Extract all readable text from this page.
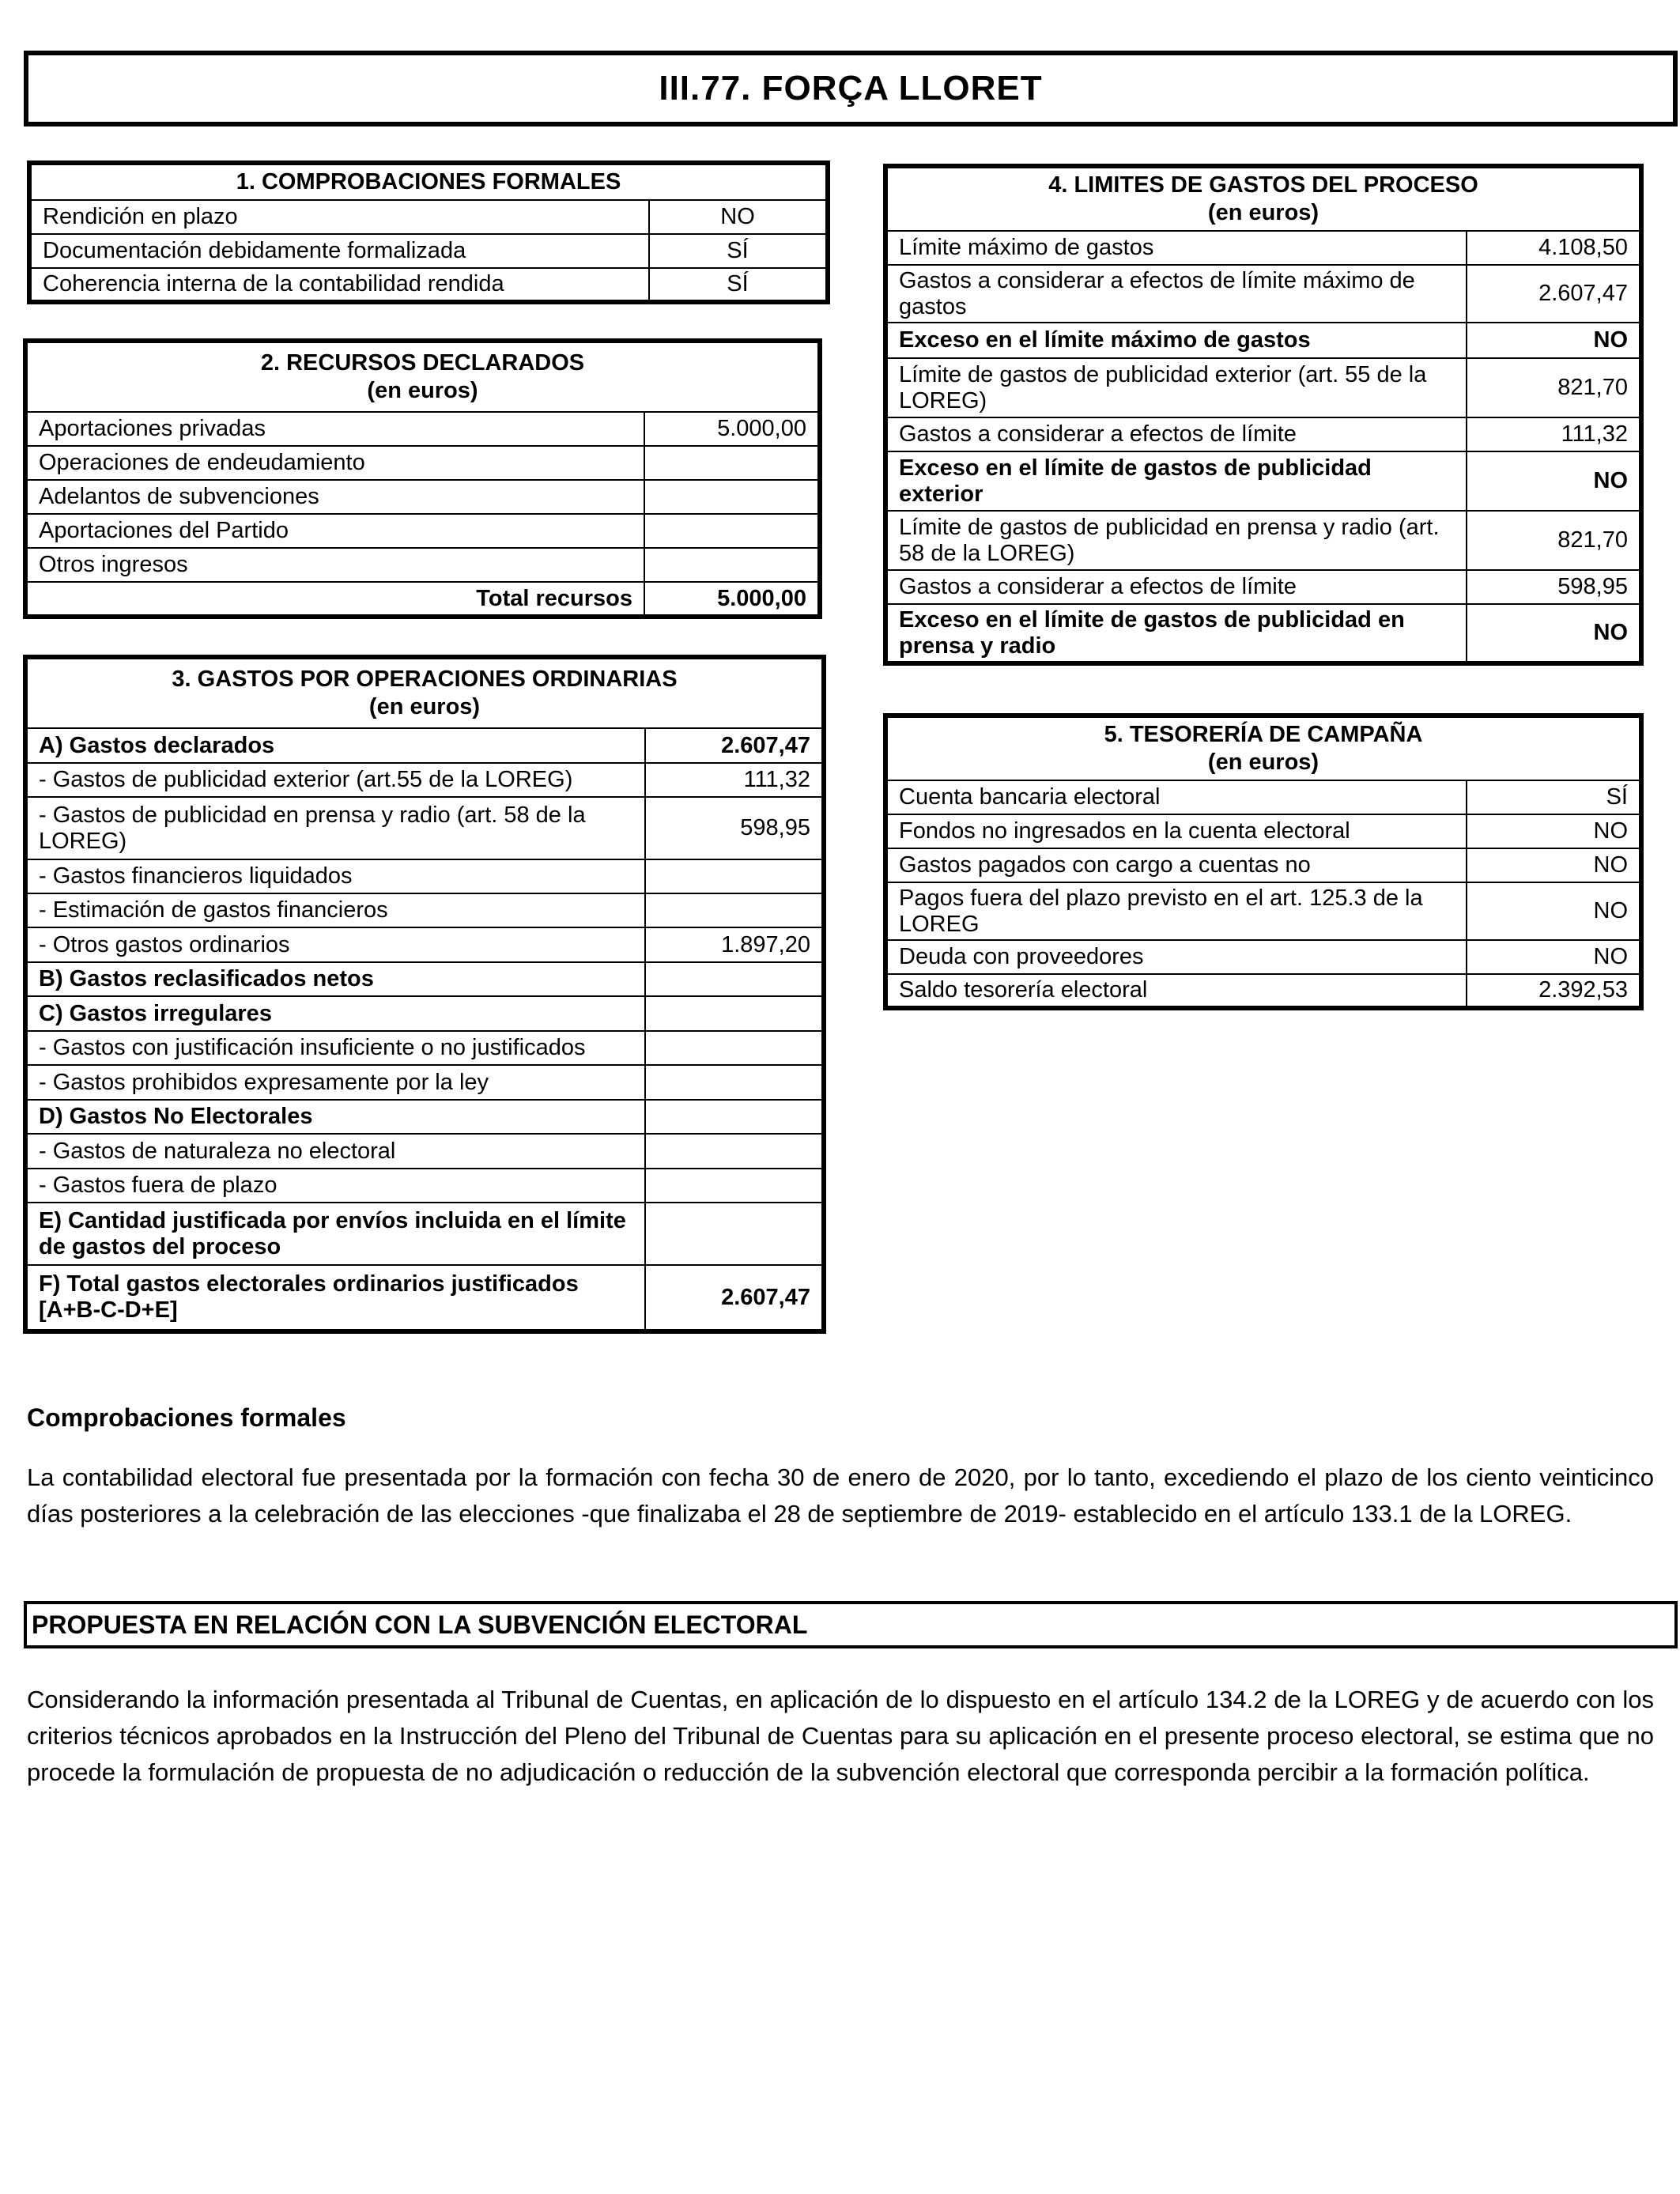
III.77. FORÇA LLORET
1. COMPROBACIONES FORMALES	
Rendición en plazo	NO
Documentación debidamente formalizada	SÍ
Coherencia interna de la contabilidad rendida	SÍ
2. RECURSOS DECLARADOS
(en euros)	
Aportaciones privadas	5.000,00
Operaciones de endeudamiento	
Adelantos de subvenciones	
Aportaciones del Partido	
Otros ingresos	
Total recursos	5.000,00
3. GASTOS POR OPERACIONES ORDINARIAS
(en euros)	
A) Gastos declarados	2.607,47
- Gastos de publicidad exterior (art.55 de la LOREG)	111,32
- Gastos de publicidad en prensa y radio (art. 58 de la LOREG)	598,95
- Gastos financieros liquidados	
- Estimación de gastos financieros	
- Otros gastos ordinarios	1.897,20
B) Gastos reclasificados netos	
C) Gastos irregulares	
- Gastos con justificación insuficiente o no justificados	
- Gastos prohibidos expresamente por la ley	
D) Gastos No Electorales	
- Gastos de naturaleza no electoral	
- Gastos fuera de plazo	
E) Cantidad justificada por envíos incluida en el límite de gastos del proceso	
F) Total gastos electorales ordinarios justificados [A+B-C-D+E]	2.607,47
4. LIMITES DE GASTOS DEL PROCESO
(en euros)	
Límite máximo de gastos	4.108,50
Gastos a considerar a efectos de límite máximo de gastos	2.607,47
Exceso en el límite máximo de gastos	NO
Límite de gastos de publicidad exterior (art. 55 de la LOREG)	821,70
Gastos a considerar a efectos de límite	111,32
Exceso en el límite de gastos de publicidad exterior	NO
Límite de gastos de publicidad en prensa y radio (art. 58 de la LOREG)	821,70
Gastos a considerar a efectos de límite	598,95
Exceso en el límite de gastos de publicidad en prensa y radio	NO
5. TESORERÍA DE CAMPAÑA
(en euros)	
Cuenta bancaria electoral	SÍ
Fondos no ingresados en la cuenta electoral	NO
Gastos pagados con cargo a cuentas no	NO
Pagos fuera del plazo previsto en el art. 125.3 de la LOREG	NO
Deuda con proveedores	NO
Saldo tesorería electoral	2.392,53
Comprobaciones formales
La contabilidad electoral fue presentada por la formación con fecha 30 de enero de 2020, por lo tanto, excediendo el plazo de los ciento veinticinco días posteriores a la celebración de las elecciones -que finalizaba el 28 de septiembre de 2019- establecido en el artículo 133.1 de la LOREG.
PROPUESTA EN RELACIÓN CON LA SUBVENCIÓN ELECTORAL
Considerando la información presentada al Tribunal de Cuentas, en aplicación de lo dispuesto en el artículo 134.2 de la LOREG y de acuerdo con los criterios técnicos aprobados en la Instrucción del Pleno del Tribunal de Cuentas para su aplicación en el presente proceso electoral, se estima que no procede la formulación de propuesta de no adjudicación o reducción de la subvención electoral que corresponda percibir a la formación política.
